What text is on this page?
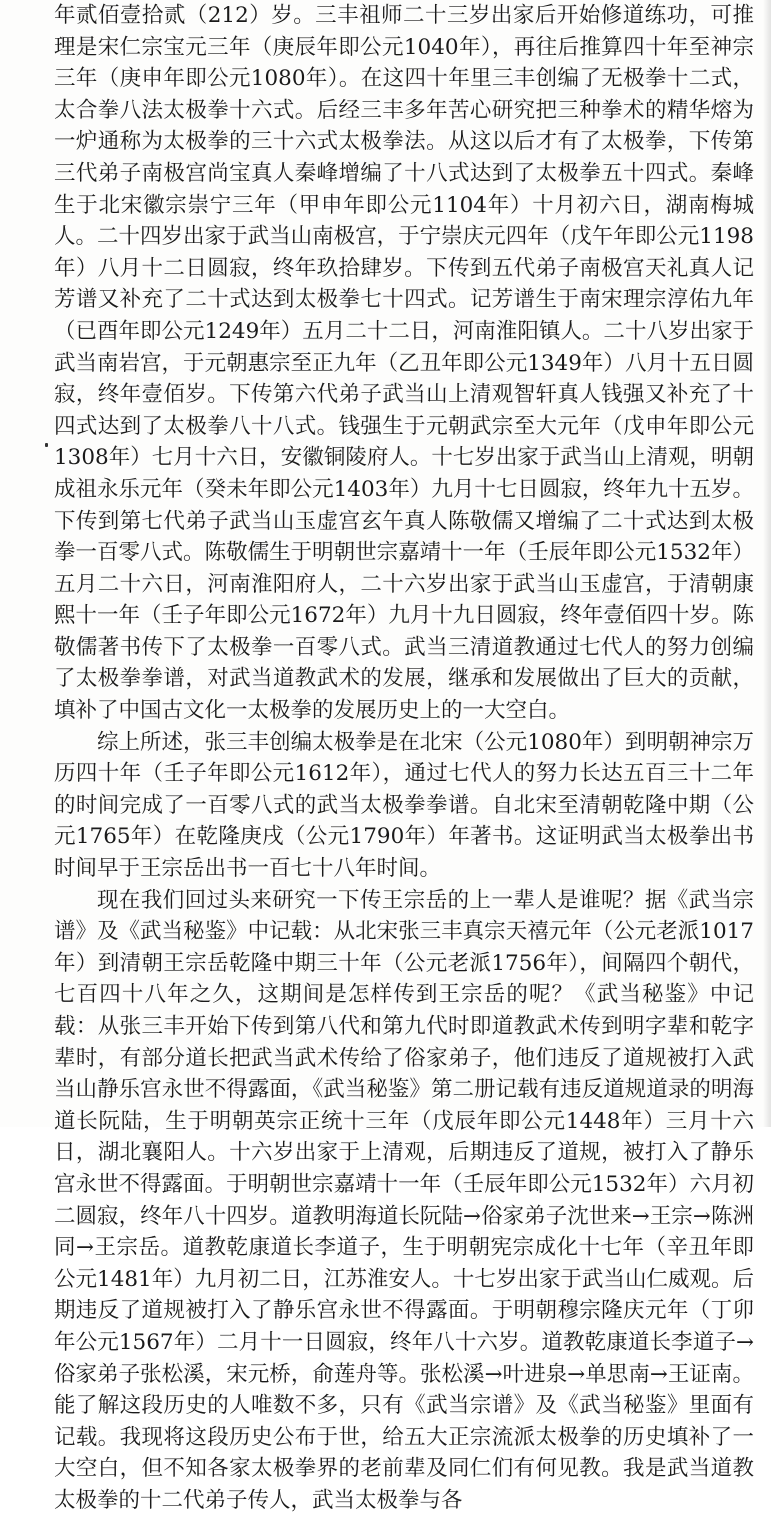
年贰佰壹拾贰（212）岁。三丰祖师二十三岁出家后开始修道练功，可推理是宋仁宗宝元三年（庚辰年即公元1040年），再往后推算四十年至神宗三年（庚申年即公元1080年）。在这四十年里三丰创编了无极拳十二式，太合拳八法太极拳十六式。后经三丰多年苦心研究把三种拳术的精华熔为一炉通称为太极拳的三十六式太极拳法。从这以后才有了太极拳，下传第三代弟子南极宫尚宝真人秦峰增编了十八式达到了太极拳五十四式。秦峰生于北宋徽宗崇宁三年（甲申年即公元1104年）十月初六日，湖南梅城人。二十四岁出家于武当山南极宫，于宁崇庆元四年（戊午年即公元1198年）八月十二日圆寂，终年玖拾肆岁。下传到五代弟子南极宫天礼真人记芳谱又补充了二十式达到太极拳七十四式。记芳谱生于南宋理宗淳佑九年（已酉年即公元1249年）五月二十二日，河南淮阳镇人。二十八岁出家于武当南岩宫，于元朝惠宗至正九年（乙丑年即公元1349年）八月十五日圆寂，终年壹佰岁。下传第六代弟子武当山上清观智轩真人钱强又补充了十四式达到了太极拳八十八式。钱强生于元朝武宗至大元年（戊申年即公元1308年）七月十六日，安徽铜陵府人。十七岁出家于武当山上清观，明朝成祖永乐元年（癸未年即公元1403年）九月十七日圆寂，终年九十五岁。下传到第七代弟子武当山玉虚宫玄午真人陈敬儒又增编了二十式达到太极拳一百零八式。陈敬儒生于明朝世宗嘉靖十一年（壬辰年即公元1532年）五月二十六日，河南淮阳府人，二十六岁出家于武当山玉虚宫，于清朝康熙十一年（壬子年即公元1672年）九月十九日圆寂，终年壹佰四十岁。陈敬儒著书传下了太极拳一百零八式。武当三清道教通过七代人的努力创编了太极拳拳谱，对武当道教武术的发展，继承和发展做出了巨大的贡献，填补了中国古文化一太极拳的发展历史上的一大空白。

综上所述，张三丰创编太极拳是在北宋（公元1080年）到明朝神宗万历四十年（壬子年即公元1612年），通过七代人的努力长达五百三十二年的时间完成了一百零八式的武当太极拳拳谱。自北宋至清朝乾隆中期（公元1765年）在乾隆庚戌（公元1790年）年著书。这证明武当太极拳出书时间早于王宗岳出书一百七十八年时间。

现在我们回过头来研究一下传王宗岳的上一辈人是谁呢？据《武当宗谱》及《武当秘鉴》中记载：从北宋张三丰真宗天禧元年（公元老派1017年）到清朝王宗岳乾隆中期三十年（公元老派1756年），间隔四个朝代，七百四十八年之久，这期间是怎样传到王宗岳的呢？《武当秘鉴》中记载：从张三丰开始下传到第八代和第九代时即道教武术传到明字辈和乾字辈时，有部分道长把武当武术传给了俗家弟子，他们违反了道规被打入武当山静乐宫永世不得露面，《武当秘鉴》第二册记载有违反道规道录的明海道长阮陆，生于明朝英宗正统十三年（戊辰年即公元1448年）三月十六日，湖北襄阳人。十六岁出家于上清观，后期违反了道规，被打入了静乐宫永世不得露面。于明朝世宗嘉靖十一年（壬辰年即公元1532年）六月初二圆寂，终年八十四岁。道教明海道长阮陆→俗家弟子沈世来→王宗→陈洲同→王宗岳。道教乾康道长李道子，生于明朝宪宗成化十七年（辛丑年即公元1481年）九月初二日，江苏淮安人。十七岁出家于武当山仁威观。后期违反了道规被打入了静乐宫永世不得露面。于明朝穆宗隆庆元年（丁卯年公元1567年）二月十一日圆寂，终年八十六岁。道教乾康道长李道子→俗家弟子张松溪，宋元桥，俞莲舟等。张松溪→叶进泉→单思南→王证南。能了解这段历史的人唯数不多，只有《武当宗谱》及《武当秘鉴》里面有记载。我现将这段历史公布于世，给五大正宗流派太极拳的历史填补了一大空白，但不知各家太极拳界的老前辈及同仁们有何见教。我是武当道教太极拳的十二代弟子传人，武当太极拳与各
